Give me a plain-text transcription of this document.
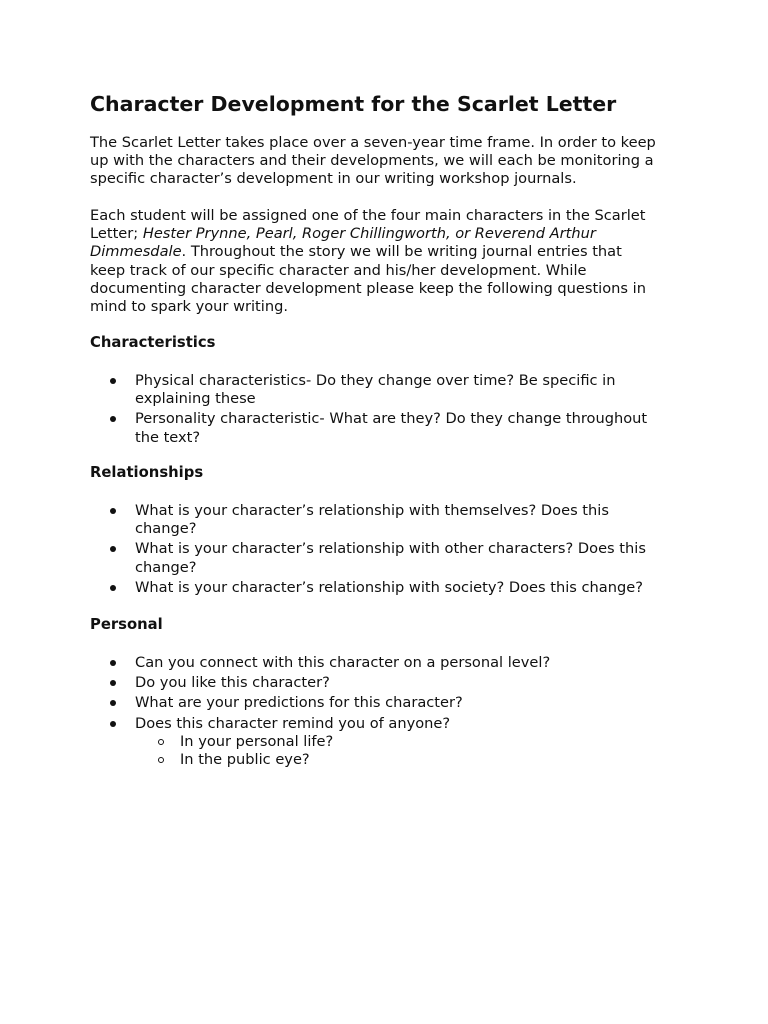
Character Development for the Scarlet Letter

The Scarlet Letter takes place over a seven-year time frame. In order to keep
up with the characters and their developments, we will each be monitoring a
specific character’s development in our writing workshop journals.

Each student will be assigned one of the four main characters in the Scarlet
Letter; Hester Prynne, Pearl, Roger Chillingworth, or Reverend Arthur
Dimmesdale. Throughout the story we will be writing journal entries that
keep track of our specific character and his/her development. While
documenting character development please keep the following questions in
mind to spark your writing.

Characteristics
Physical characteristics- Do they change over time? Be specific in
explaining these
Personality characteristic- What are they? Do they change throughout
the text?
Relationships
What is your character’s relationship with themselves? Does this
change?
What is your character’s relationship with other characters? Does this
change?
What is your character’s relationship with society? Does this change?
Personal
Can you connect with this character on a personal level?
Do you like this character?
What are your predictions for this character?
Does this character remind you of anyone?
In your personal life?
In the public eye?
